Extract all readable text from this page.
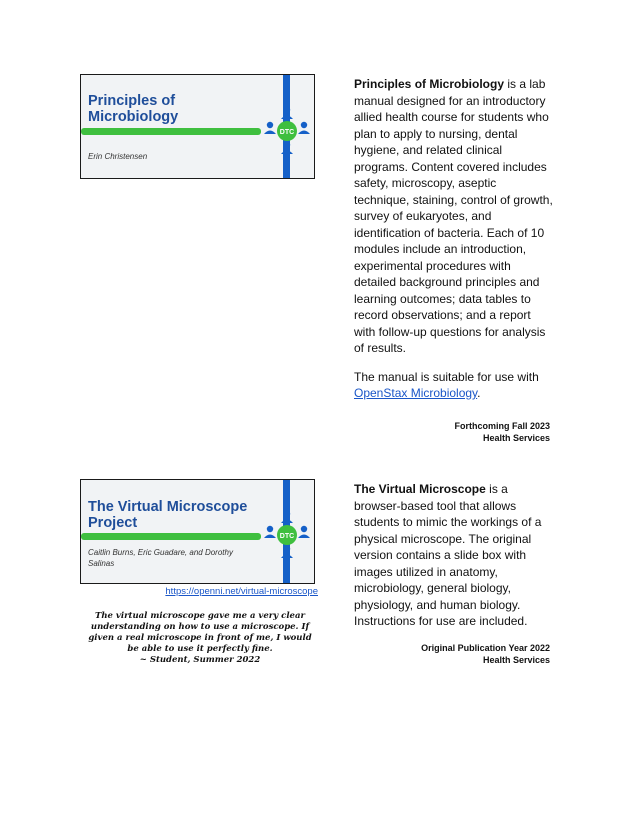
Principles of Microbiology
Erin Christensen
DTC

Principles of Microbiology is a lab manual designed for an introductory allied health course for students who plan to apply to nursing, dental hygiene, and related clinical programs. Content covered includes safety, microscopy, aseptic technique, staining, control of growth, survey of eukaryotes, and identification of bacteria. Each of 10 modules include an introduction, experimental procedures with detailed background principles and learning outcomes; data tables to record observations; and a report with follow-up questions for analysis of results.

The manual is suitable for use with OpenStax Microbiology.

Forthcoming Fall 2023
Health Services
The Virtual Microscope Project
Caitlin Burns, Eric Guadare, and Dorothy Salinas
DTC
https://openni.net/virtual-microscope
The virtual microscope gave me a very clear understanding on how to use a microscope. If given a real microscope in front of me, I would be able to use it perfectly fine.
~ Student, Summer 2022

The Virtual Microscope is a browser-based tool that allows students to mimic the workings of a physical microscope. The original version contains a slide box with images utilized in anatomy, microbiology, general biology, physiology, and human biology. Instructions for use are included.

Original Publication Year 2022
Health Services
